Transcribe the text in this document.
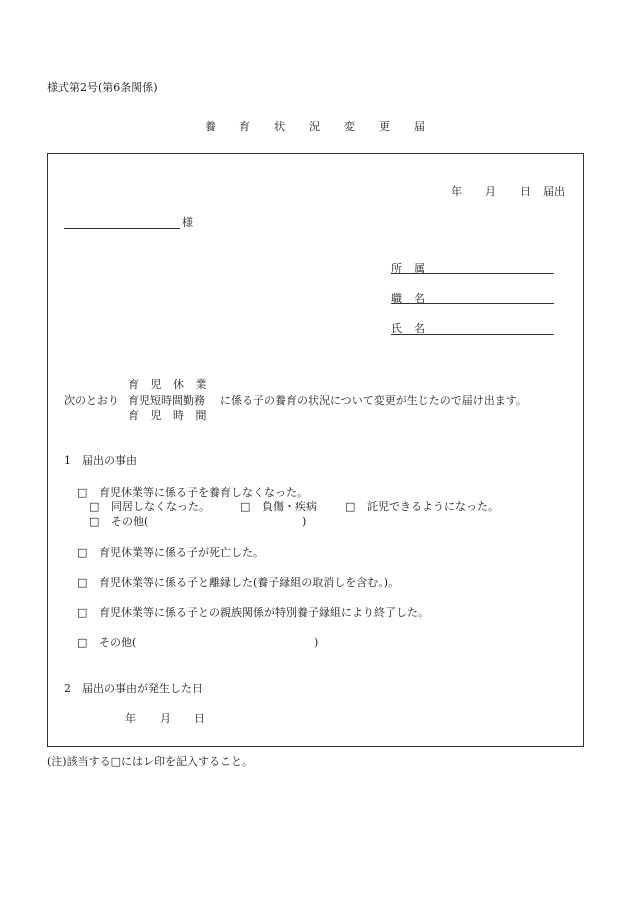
様式第2号(第6条関係)
養 育 状 況 変 更 届
年 月 日 届出
様
所属
職名
氏名
育 児 休 業
次のとおり 育児短時間勤務 に係る子の養育の状況について変更が生じたので届け出ます。
育 児 時 間
1　届出の事由
□ 育児休業等に係る子を養育しなくなった。
□ 同居しなくなった。	□ 負傷・疾病	□ 託児できるようになった。
□ その他(	)
□ 育児休業等に係る子が死亡した。
□ 育児休業等に係る子と離縁した(養子縁組の取消しを含む。)。
□ 育児休業等に係る子との親族関係が特別養子縁組により終了した。
□ その他(	)
2　届出の事由が発生した日
年 月 日
(注)該当する□にはレ印を記入すること。
